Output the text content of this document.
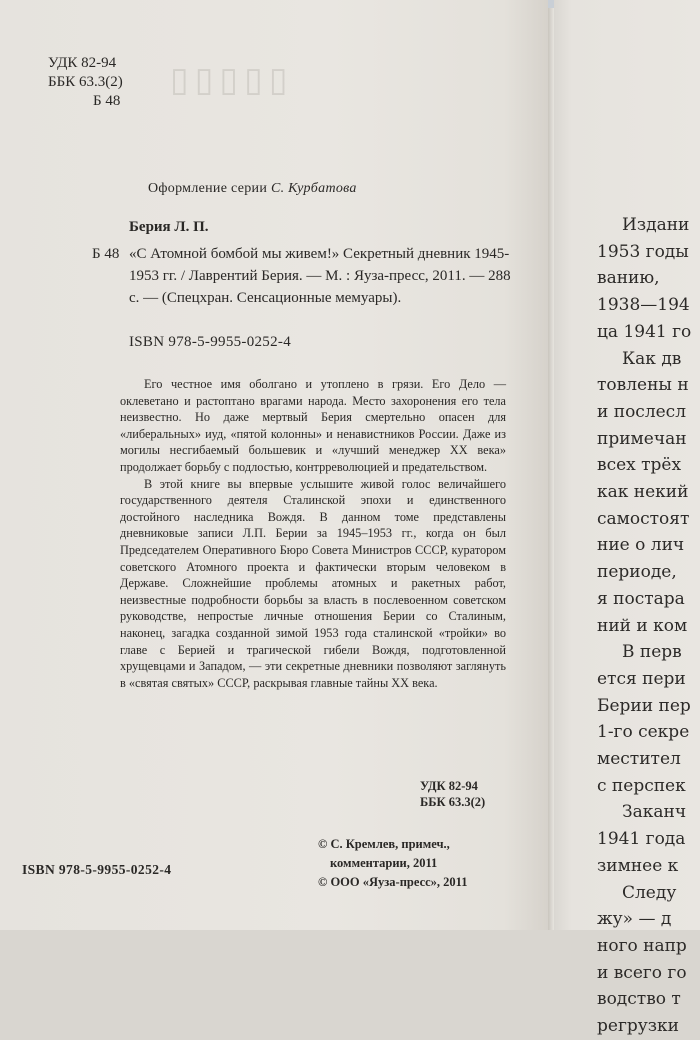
▯▯▯▯▯
УДК 82-94
ББК 63.3(2)
Б 48
Оформление серии С. Курбатова
Берия Л. П.
Б 48 «С Атомной бомбой мы живем!» Секретный дневник 1945-1953 гг. / Лаврентий Берия. — М. : Яуза-пресс, 2011. — 288 с. — (Спецхран. Сенсационные мемуары).
ISBN 978-5-9955-0252-4

Его честное имя оболгано и утоплено в грязи. Его Дело — оклеветано и растоптано врагами народа. Место захоронения его тела неизвестно. Но даже мертвый Берия смертельно опасен для «либеральных» иуд, «пятой колонны» и ненавистников России. Даже из могилы несгибаемый большевик и «лучший менеджер XX века» продолжает борьбу с подлостью, контрреволюцией и предательством.

В этой книге вы впервые услышите живой голос величайшего государственного деятеля Сталинской эпохи и единственного достойного наследника Вождя. В данном томе представлены дневниковые записи Л.П. Берии за 1945–1953 гг., когда он был Председателем Оперативного Бюро Совета Министров СССР, куратором советского Атомного проекта и фактически вторым человеком в Державе. Сложнейшие проблемы атомных и ракетных работ, неизвестные подробности борьбы за власть в послевоенном советском руководстве, непростые личные отношения Берии со Сталиным, наконец, загадка созданной зимой 1953 года сталинской «тройки» во главе с Берией и трагической гибели Вождя, подготовленной хрущевцами и Западом, — эти секретные дневники позволяют заглянуть в «святая святых» СССР, раскрывая главные тайны XX века.

УДК 82-94
ББК 63.3(2)
© С. Кремлев, примеч.,
комментарии, 2011
© ООО «Яуза-пресс», 2011
ISBN 978-5-9955-0252-4
Издани
1953 годы
ванию,
1938—194
ца 1941 го
Как дв
товлены н
и послесл
примечан
всех трёх
как некий
самостоят
ние о лич
периоде,
я постара
ний и ком
В перв
ется пери
Берии пер
1-го секре
местител
с перспек
Заканч
1941 года
зимнее к
Следу
жу» — д
ного напр
и всего го
водство т
регрузки
